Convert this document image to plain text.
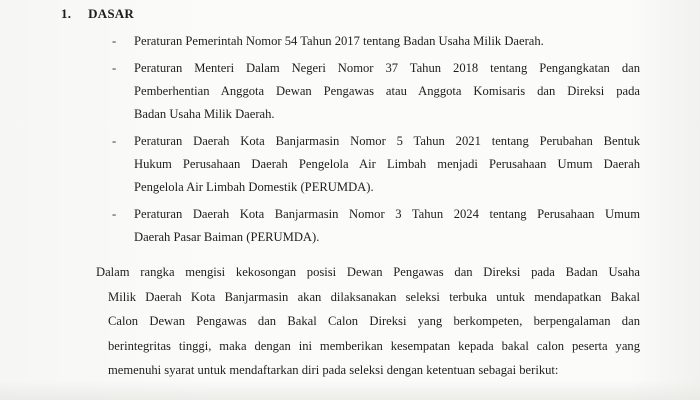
1. DASAR
-	Peraturan Pemerintah Nomor 54 Tahun 2017 tentang Badan Usaha Milik Daerah.
-	Peraturan Menteri Dalam Negeri Nomor 37 Tahun 2018 tentang Pengangkatan dan
Pemberhentian Anggota Dewan Pengawas atau Anggota Komisaris dan Direksi pada
Badan Usaha Milik Daerah.
-	Peraturan Daerah Kota Banjarmasin Nomor 5 Tahun 2021 tentang Perubahan Bentuk
Hukum Perusahaan Daerah Pengelola Air Limbah menjadi Perusahaan Umum Daerah
Pengelola Air Limbah Domestik (PERUMDA).
-	Peraturan Daerah Kota Banjarmasin Nomor 3 Tahun 2024 tentang Perusahaan Umum
Daerah Pasar Baiman (PERUMDA).
Dalam rangka mengisi kekosongan posisi Dewan Pengawas dan Direksi pada Badan Usaha
Milik Daerah Kota Banjarmasin akan dilaksanakan seleksi terbuka untuk mendapatkan Bakal
Calon Dewan Pengawas dan Bakal Calon Direksi yang berkompeten, berpengalaman dan
berintegritas tinggi, maka dengan ini memberikan kesempatan kepada bakal calon peserta yang
memenuhi syarat untuk mendaftarkan diri pada seleksi dengan ketentuan sebagai berikut:
